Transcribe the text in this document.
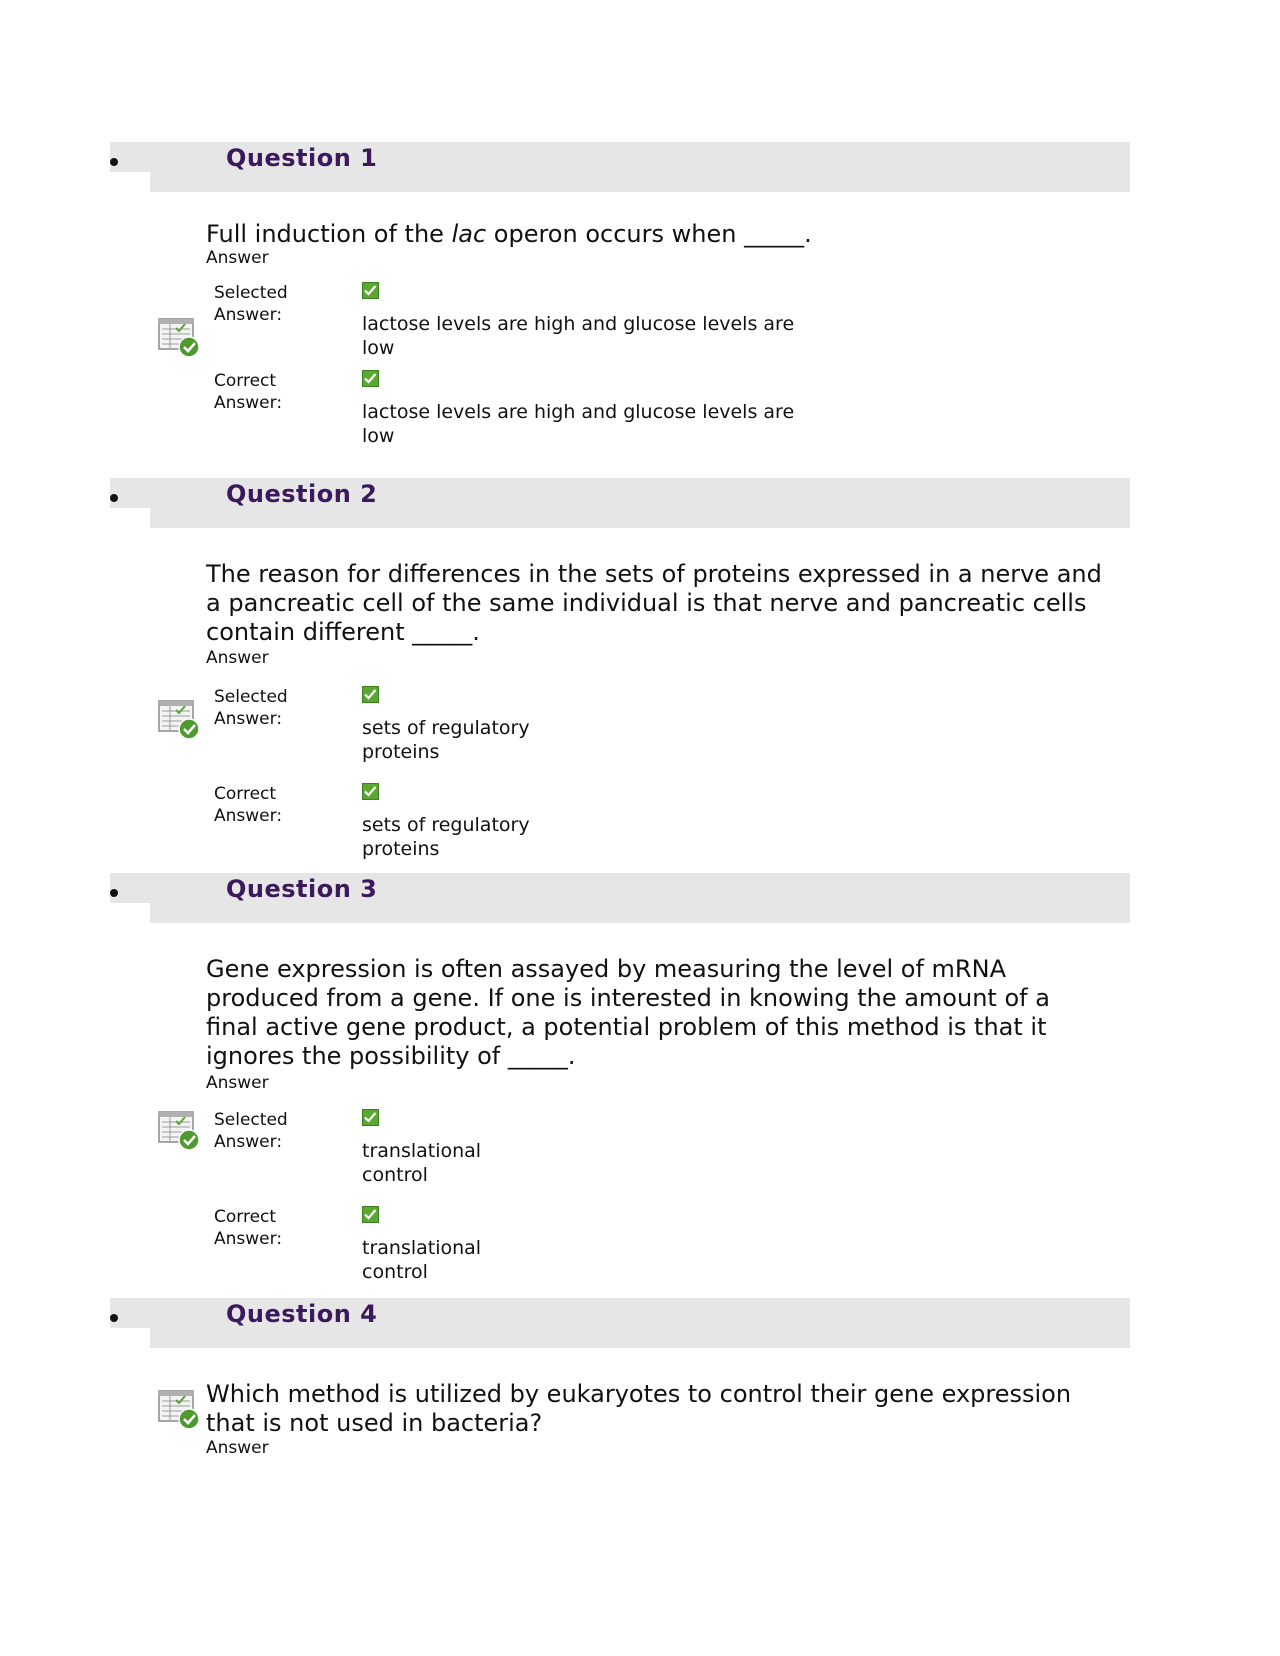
Question 1
Full induction of the lac operon occurs when _____.
Answer
Selected Answer:	lactose levels are high and glucose levels are low
Correct Answer:	lactose levels are high and glucose levels are low
Question 2
The reason for differences in the sets of proteins expressed in a nerve and a pancreatic cell of the same individual is that nerve and pancreatic cells contain different _____.
Answer
Selected Answer:	sets of regulatory proteins
Correct Answer:	sets of regulatory proteins
Question 3
Gene expression is often assayed by measuring the level of mRNA produced from a gene. If one is interested in knowing the amount of a final active gene product, a potential problem of this method is that it ignores the possibility of _____.
Answer
Selected Answer:	translational control
Correct Answer:	translational control
Question 4
Which method is utilized by eukaryotes to control their gene expression that is not used in bacteria?
Answer
